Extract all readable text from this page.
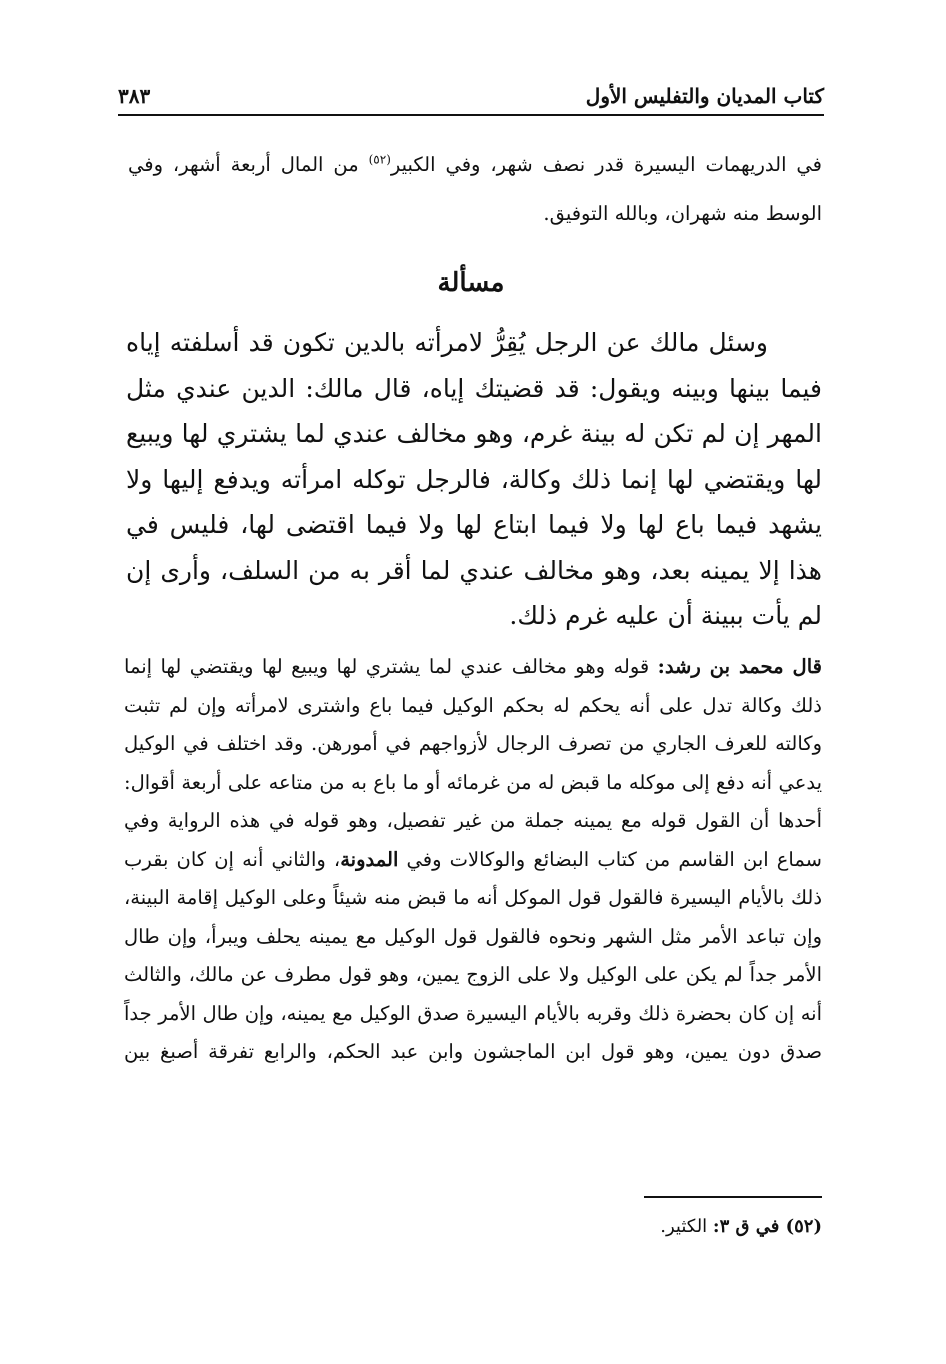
كتاب المديان والتفليس الأول
٣٨٣

في الدريهمات اليسيرة قدر نصف شهر، وفي الكبير$^{(٥٢)}$ من المال أربعة أشهر، وفي الوسط منه شهران، وبالله التوفيق.

مسألة

وسئل مالك عن الرجل يُقِرُّ لامرأته بالدين تكون قد أسلفته إياه فيما بينها وبينه ويقول: قد قضيتك إياه، قال مالك: الدين عندي مثل المهر إن لم تكن له بينة غرم، وهو مخالف عندي لما يشتري لها ويبيع لها ويقتضي لها إنما ذلك وكالة، فالرجل توكله امرأته ويدفع إليها ولا يشهد فيما باع لها ولا فيما ابتاع لها ولا فيما اقتضى لها، فليس في هذا إلا يمينه بعد، وهو مخالف عندي لما أقر به من السلف، وأرى إن لم يأت ببينة أن عليه غرم ذلك.

قال محمد بن رشد: قوله وهو مخالف عندي لما يشتري لها ويبيع لها ويقتضي لها إنما ذلك وكالة تدل على أنه يحكم له بحكم الوكيل فيما باع واشترى لامرأته وإن لم تثبت وكالته للعرف الجاري من تصرف الرجال لأزواجهم في أمورهن. وقد اختلف في الوكيل يدعي أنه دفع إلى موكله ما قبض له من غرمائه أو ما باع به من متاعه على أربعة أقوال: أحدها أن القول قوله مع يمينه جملة من غير تفصيل، وهو قوله في هذه الرواية وفي سماع ابن القاسم من كتاب البضائع والوكالات وفي المدونة، والثاني أنه إن كان بقرب ذلك بالأيام اليسيرة فالقول قول الموكل أنه ما قبض منه شيئاً وعلى الوكيل إقامة البينة، وإن تباعد الأمر مثل الشهر ونحوه فالقول قول الوكيل مع يمينه يحلف ويبرأ، وإن طال الأمر جداً لم يكن على الوكيل ولا على الزوج يمين، وهو قول مطرف عن مالك، والثالث أنه إن كان بحضرة ذلك وقربه بالأيام اليسيرة صدق الوكيل مع يمينه، وإن طال الأمر جداً صدق دون يمين، وهو قول ابن الماجشون وابن عبد الحكم، والرابع تفرقة أصبغ بين

(٥٢) في ق ٣: الكثير.
